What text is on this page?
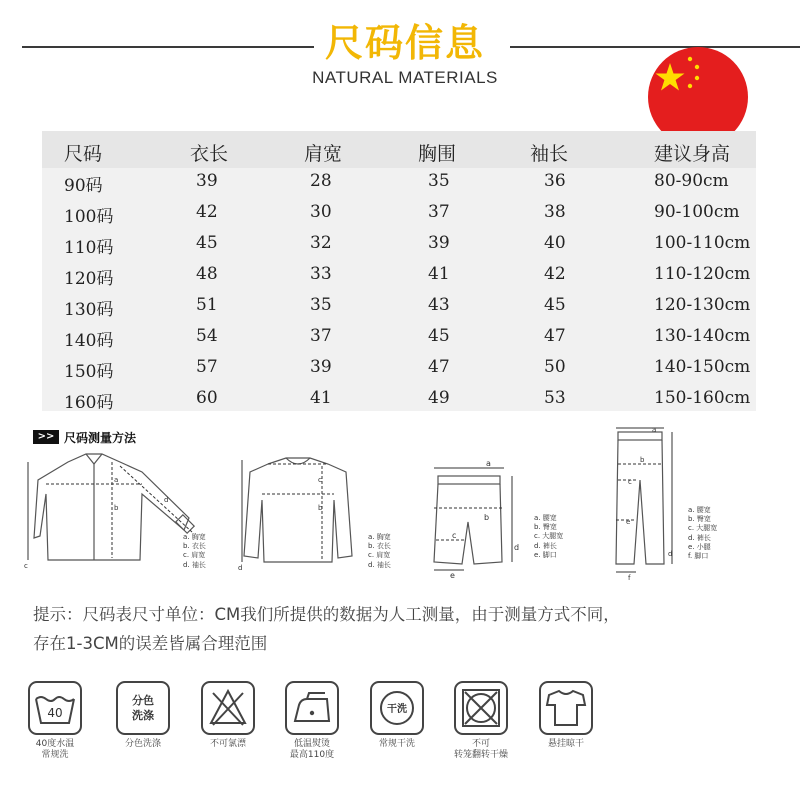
尺码信息
NATURAL MATERIALS
尺码	衣长	肩宽	胸围	袖长	建议身高
90码	39	28	35	36	80-90cm
100码	42	30	37	38	90-100cm
110码	45	32	39	40	100-110cm
120码	48	33	41	42	110-120cm
130码	51	35	43	45	120-130cm
140码	54	37	45	47	130-140cm
150码	57	39	47	50	140-150cm
160码	60	41	49	53	150-160cm
>> 尺码测量方法
a
b
d
c
a. 胸宽
b. 衣长
c. 肩宽
d. 袖长
c
b
d
a. 胸宽
b. 衣长
c. 肩宽
d. 袖长
a
b
c
d
e
a. 腰宽
b. 臀宽
c. 大腿宽
d. 裤长
e. 脚口
a
b
c
e
d
f
a. 腰宽
b. 臀宽
c. 大腿宽
d. 裤长
e. 小腿
f. 脚口
提示：尺码表尺寸单位：CM我们所提供的数据为人工测量，由于测量方式不同，
存在1-3CM的误差皆属合理范围
40
40度水温
常规洗
分色
洗涤
分色洗涤	不可氯漂	低温熨烫
最高110度
干洗
常规干洗	不可
转笼翻转干燥
悬挂晾干
